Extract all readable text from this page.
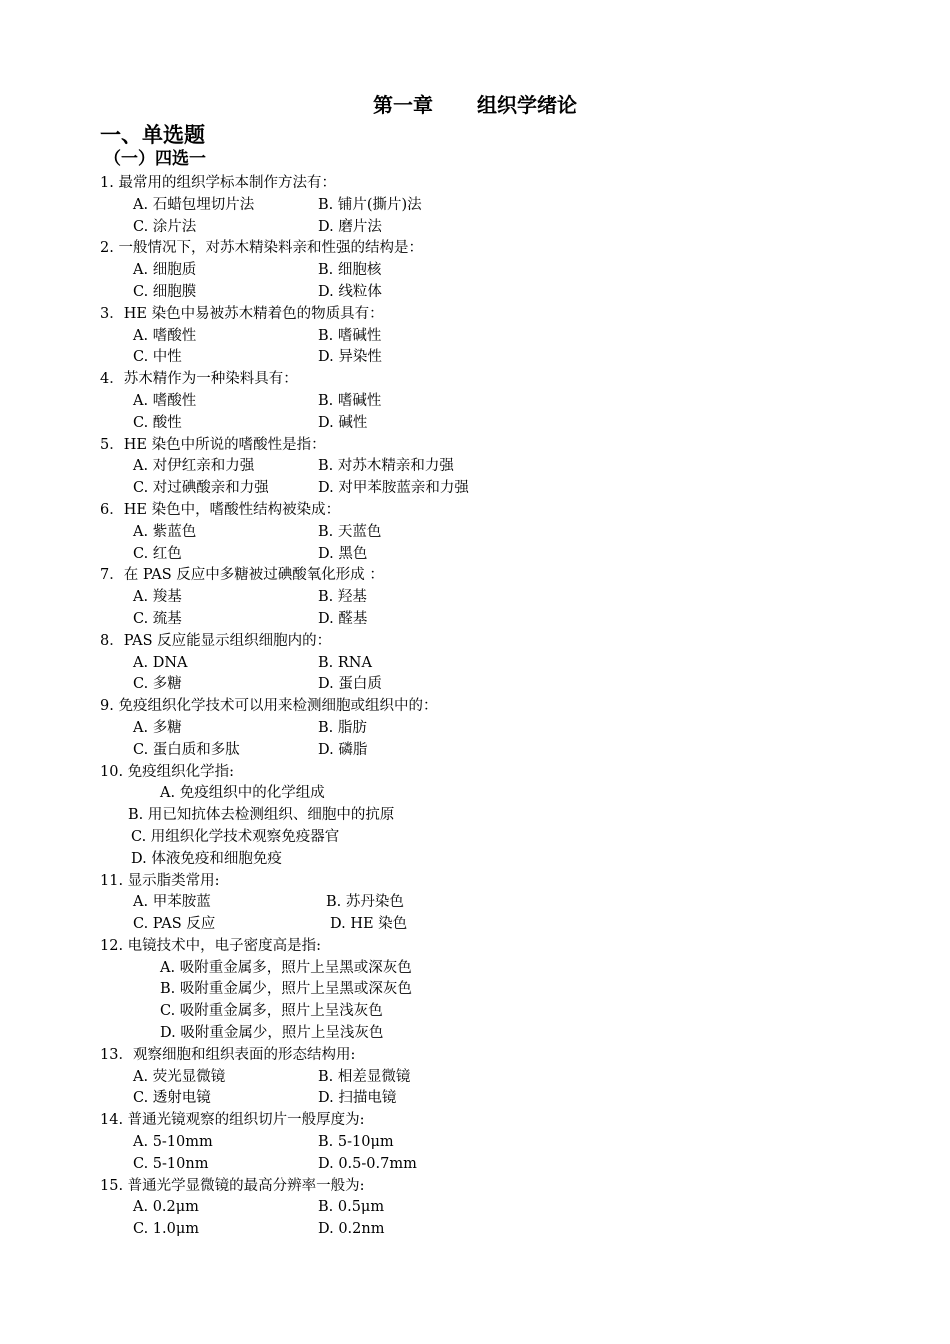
第一章 组织学绪论
一、单选题
（一）四选一
1. 最常用的组织学标本制作方法有：
A. 石蜡包埋切片法	B. 铺片(撕片)法
C. 涂片法	D. 磨片法
2. 一般情况下，对苏木精染料亲和性强的结构是：
A. 细胞质	B. 细胞核
C. 细胞膜	D. 线粒体
3．HE 染色中易被苏木精着色的物质具有：
A. 嗜酸性	B. 嗜碱性
C. 中性	D. 异染性
4．苏木精作为一种染料具有：
A. 嗜酸性	B. 嗜碱性
C. 酸性	D. 碱性
5．HE 染色中所说的嗜酸性是指：
A. 对伊红亲和力强	B. 对苏木精亲和力强
C. 对过碘酸亲和力强	D. 对甲苯胺蓝亲和力强
6．HE 染色中，嗜酸性结构被染成：
A. 紫蓝色	B. 天蓝色
C. 红色	D. 黑色
7．在 PAS 反应中多糖被过碘酸氧化形成 ：
A. 羧基	B. 羟基
C. 巯基	D. 醛基
8．PAS 反应能显示组织细胞内的：
A. DNA	B. RNA
C. 多糖	D. 蛋白质
9. 免疫组织化学技术可以用来检测细胞或组织中的：
A. 多糖	B. 脂肪
C. 蛋白质和多肽	D. 磷脂
10. 免疫组织化学指:
A. 免疫组织中的化学组成
B. 用已知抗体去检测组织、细胞中的抗原
C. 用组织化学技术观察免疫器官
D. 体液免疫和细胞免疫
11. 显示脂类常用:
A. 甲苯胺蓝	B. 苏丹染色
C. PAS 反应	D. HE 染色
12. 电镜技术中，电子密度高是指:
A. 吸附重金属多，照片上呈黑或深灰色
B. 吸附重金属少，照片上呈黑或深灰色
C. 吸附重金属多，照片上呈浅灰色
D. 吸附重金属少，照片上呈浅灰色
13．观察细胞和组织表面的形态结构用:
A. 荧光显微镜	B. 相差显微镜
C. 透射电镜	D. 扫描电镜
14. 普通光镜观察的组织切片一般厚度为:
A. 5-10mm	B. 5-10μm
C. 5-10nm	D. 0.5-0.7mm
15. 普通光学显微镜的最高分辨率一般为:
A. 0.2μm	B. 0.5μm
C. 1.0μm	D. 0.2nm
